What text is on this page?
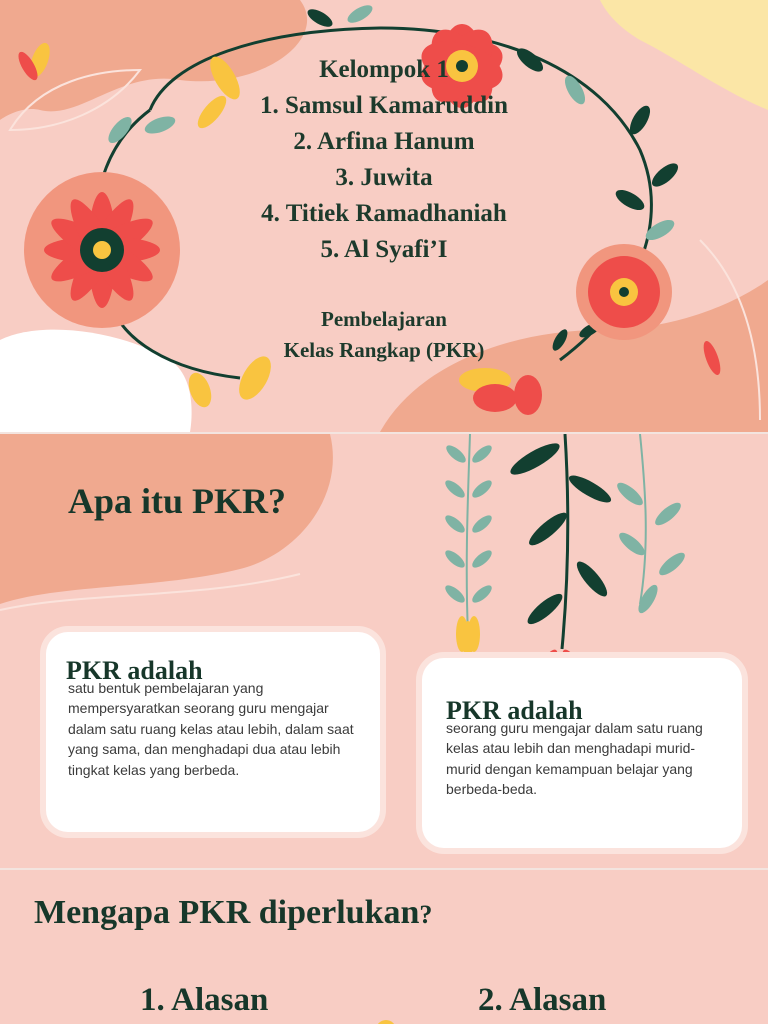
Kelompok 1
1. Samsul Kamaruddin
2. Arfina Hanum
3. Juwita
4. Titiek Ramadhaniah
5. Al Syafi’I
Pembelajaran
Kelas Rangkap (PKR)
Apa itu PKR?
PKR adalah
satu bentuk pembelajaran yang mempersyaratkan seorang guru mengajar dalam satu ruang kelas atau lebih, dalam saat yang sama, dan menghadapi dua atau lebih tingkat kelas yang berbeda.
PKR adalah
seorang guru mengajar dalam satu ruang kelas atau lebih dan menghadapi murid-murid dengan kemampuan belajar yang berbeda-beda.
Mengapa PKR diperlukan?
1. Alasan	2. Alasan
